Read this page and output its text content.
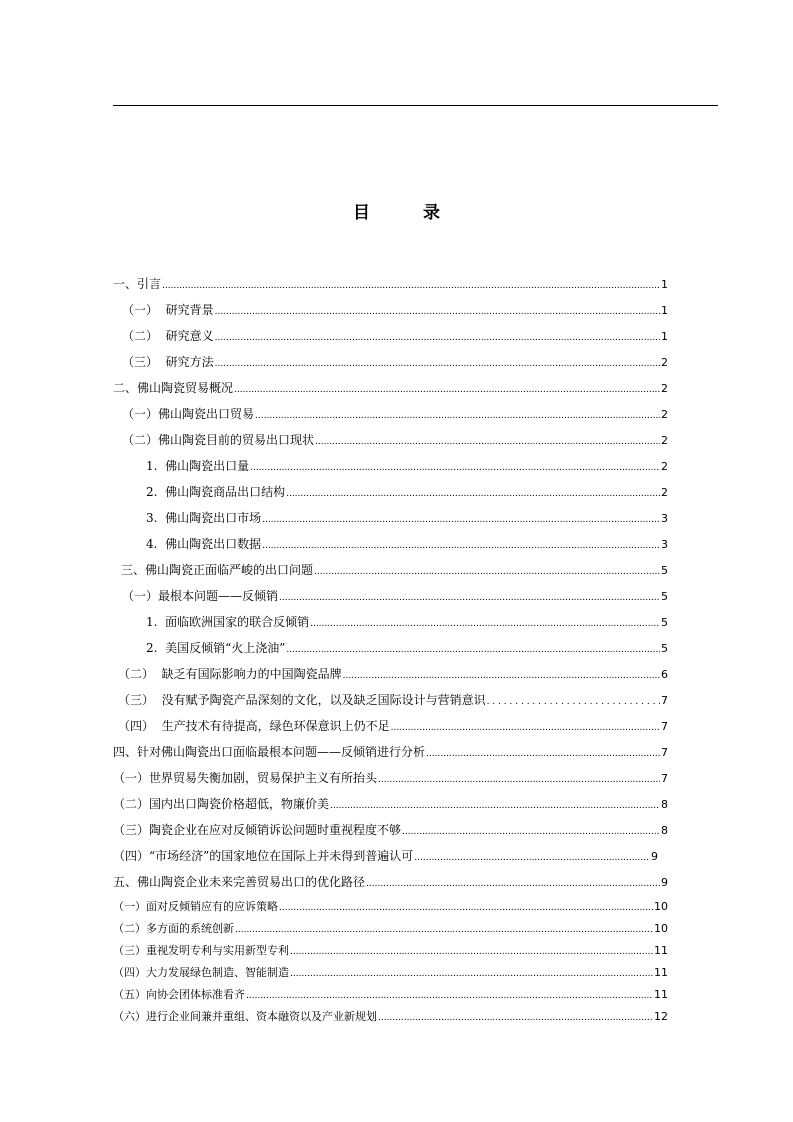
目　录
一、引言 .....	1
（一）  研究背景 .....	1
（二）  研究意义 .....	1
（三）  研究方法 .....	2
二、佛山陶瓷贸易概况 .....	2
（一）佛山陶瓷出口贸易 .....	2
（二）佛山陶瓷目前的贸易出口现状 .....	2
1.  佛山陶瓷出口量 .....	2
2.  佛山陶瓷商品出口结构 .....	2
3.  佛山陶瓷出口市场 .....	3
4.  佛山陶瓷出口数据 .....	3
三、佛山陶瓷正面临严峻的出口问题 .....	5
（一）最根本问题——反倾销 .....	5
1.  面临欧洲国家的联合反倾销 .....	5
2.  美国反倾销“火上浇油” .....	5
（二）  缺乏有国际影响力的中国陶瓷品牌 .....	6
（三）  没有赋予陶瓷产品深刻的文化，以及缺乏国际设计与营销意识 . . .	7
（四）  生产技术有待提高，绿色环保意识上仍不足 .....	7
四、针对佛山陶瓷出口面临最根本问题——反倾销进行分析 .....	7
（一）世界贸易失衡加剧，贸易保护主义有所抬头 .....	7
（二）国内出口陶瓷价格超低，物廉价美 .....	8
（三）陶瓷企业在应对反倾销诉讼问题时重视程度不够 .....	8
（四）“市场经济”的国家地位在国际上并未得到普遍认可 .....	9
五、佛山陶瓷企业未来完善贸易出口的优化路径 .....	9
（一）面对反倾销应有的应诉策略 .....	10
（二）多方面的系统创新 .....	10
（三）重视发明专利与实用新型专利 .....	11
（四）大力发展绿色制造、智能制造 .....	11
（五）向协会团体标准看齐 .....	11
（六）进行企业间兼并重组、资本融资以及产业新规划 .....	12
